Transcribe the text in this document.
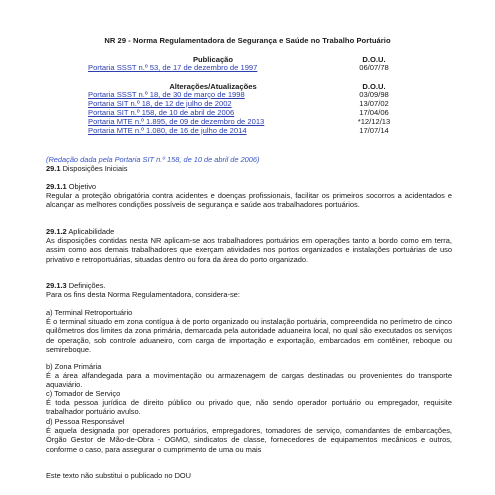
NR 29 - Norma Regulamentadora de Segurança e Saúde no Trabalho Portuário
Publicação	D.O.U.
Portaria SSST n.º 53, de 17 de dezembro de 1997	06/07/78
Alterações/Atualizações	D.O.U.
Portaria SSST n.º 18, de 30 de março de 1998	03/09/98
Portaria SIT n.º 18, de 12 de julho de 2002	13/07/02
Portaria SIT n.º 158, de 10 de abril de 2006	17/04/06
Portaria MTE n.º 1.895, de 09 de dezembro de 2013	*12/12/13
Portaria MTE n.º 1.080, de 16 de julho de 2014	17/07/14
(Redação dada pela Portaria SIT n.º 158, de 10 de abril de 2006)

29.1 Disposições Iniciais

29.1.1 Objetivo

Regular a proteção obrigatória contra acidentes e doenças profissionais, facilitar os primeiros socorros a acidentados e alcançar as melhores condições possíveis de segurança e saúde aos trabalhadores portuários.

29.1.2 Aplicabilidade

As disposições contidas nesta NR aplicam-se aos trabalhadores portuários em operações tanto a bordo como em terra, assim como aos demais trabalhadores que exerçam atividades nos portos organizados e instalações portuárias de uso privativo e retroportuárias, situadas dentro ou fora da área do porto organizado.

29.1.3 Definições.

Para os fins desta Norma Regulamentadora, considera-se:

a) Terminal Retroportuário

É o terminal situado em zona contígua à de porto organizado ou instalação portuária, compreendida no perímetro de cinco quilômetros dos limites da zona primária, demarcada pela autoridade aduaneira local, no qual são executados os serviços de operação, sob controle aduaneiro, com carga de importação e exportação, embarcados em contêiner, reboque ou semireboque.

b) Zona Primária

É a área alfandegada para a movimentação ou armazenagem de cargas destinadas ou provenientes do transporte aquaviário.

c) Tomador de Serviço

É toda pessoa jurídica de direito público ou privado que, não sendo operador portuário ou empregador, requisite trabalhador portuário avulso.

d) Pessoa Responsável

É aquela designada por operadores portuários, empregadores, tomadores de serviço, comandantes de embarcações, Órgão Gestor de Mão-de-Obra - OGMO, sindicatos de classe, fornecedores de equipamentos mecânicos e outros, conforme o caso, para assegurar o cumprimento de uma ou mais

Este texto não substitui o publicado no DOU
